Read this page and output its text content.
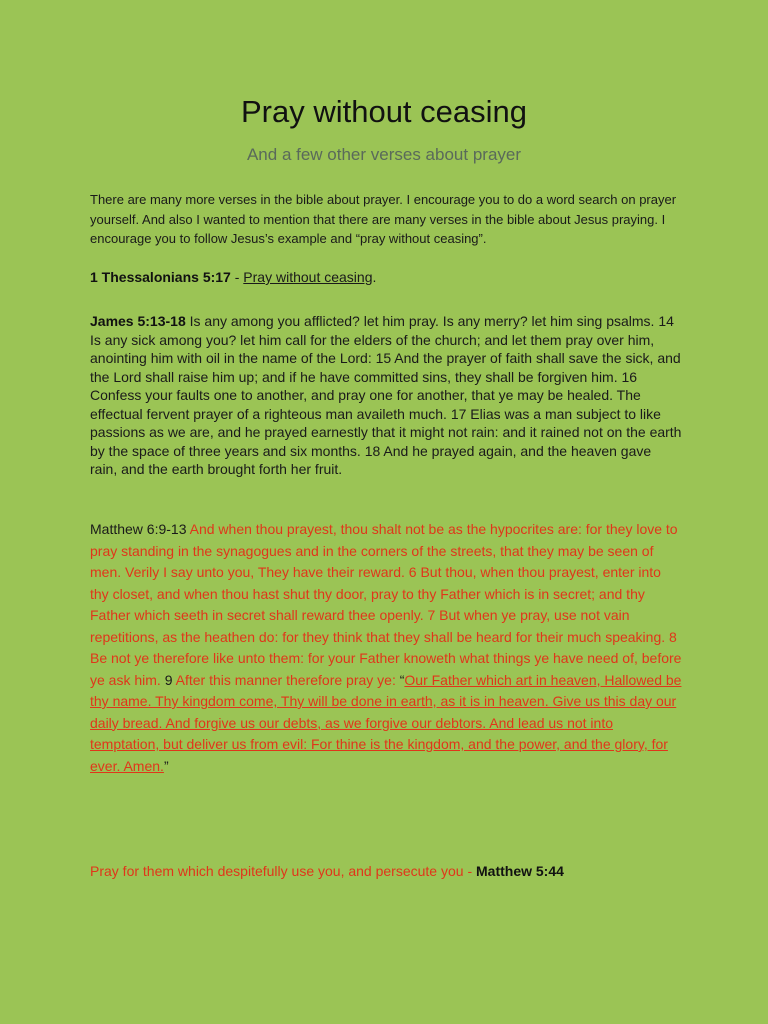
Pray without ceasing
And a few other verses about prayer
There are many more verses in the bible about prayer. I encourage you to do a word search on prayer yourself. And also I wanted to mention that there are many verses in the bible about Jesus praying. I encourage you to follow Jesus’s example and “pray without ceasing”.
1 Thessalonians 5:17 - Pray without ceasing.
James 5:13-18 Is any among you afflicted? let him pray. Is any merry? let him sing psalms. 14 Is any sick among you? let him call for the elders of the church; and let them pray over him, anointing him with oil in the name of the Lord: 15 And the prayer of faith shall save the sick, and the Lord shall raise him up; and if he have committed sins, they shall be forgiven him. 16 Confess your faults one to another, and pray one for another, that ye may be healed. The effectual fervent prayer of a righteous man availeth much. 17 Elias was a man subject to like passions as we are, and he prayed earnestly that it might not rain: and it rained not on the earth by the space of three years and six months. 18 And he prayed again, and the heaven gave rain, and the earth brought forth her fruit.
Matthew 6:9-13 And when thou prayest, thou shalt not be as the hypocrites are: for they love to pray standing in the synagogues and in the corners of the streets, that they may be seen of men. Verily I say unto you, They have their reward. 6 But thou, when thou prayest, enter into thy closet, and when thou hast shut thy door, pray to thy Father which is in secret; and thy Father which seeth in secret shall reward thee openly. 7 But when ye pray, use not vain repetitions, as the heathen do: for they think that they shall be heard for their much speaking. 8 Be not ye therefore like unto them: for your Father knoweth what things ye have need of, before ye ask him. 9 After this manner therefore pray ye: “Our Father which art in heaven, Hallowed be thy name. Thy kingdom come, Thy will be done in earth, as it is in heaven. Give us this day our daily bread. And forgive us our debts, as we forgive our debtors. And lead us not into temptation, but deliver us from evil: For thine is the kingdom, and the power, and the glory, for ever. Amen.”
Pray for them which despitefully use you, and persecute you - Matthew 5:44
